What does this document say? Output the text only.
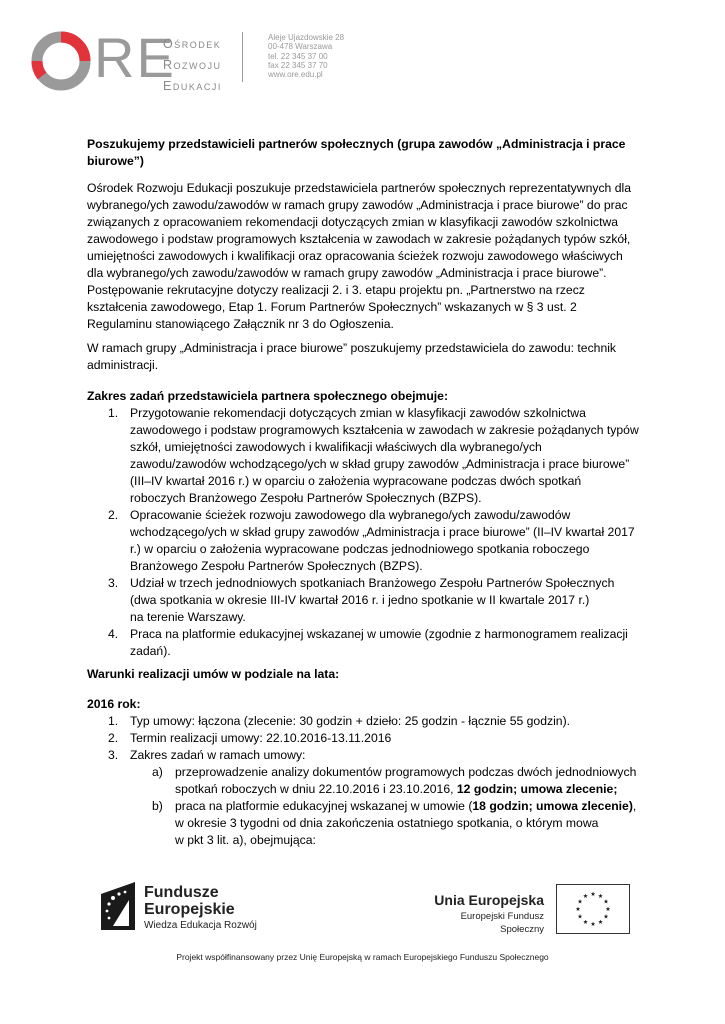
RE
Ośrodek
Rozwoju
Edukacji
Aleje Ujazdowskie 28
00-478 Warszawa
tel. 22 345 37 00
fax 22 345 37 70
www.ore.edu.pl
Poszukujemy przedstawicieli partnerów społecznych (grupa zawodów „Administracja i prace
biurowe”)
Ośrodek Rozwoju Edukacji poszukuje przedstawiciela partnerów społecznych reprezentatywnych dla
wybranego/ych zawodu/zawodów w ramach grupy zawodów „Administracja i prace biurowe” do prac
związanych z opracowaniem rekomendacji dotyczących zmian w klasyfikacji zawodów szkolnictwa
zawodowego i podstaw programowych kształcenia w zawodach w zakresie pożądanych typów szkół,
umiejętności zawodowych i kwalifikacji oraz opracowania ścieżek rozwoju zawodowego właściwych
dla wybranego/ych zawodu/zawodów w ramach grupy zawodów „Administracja i prace biurowe”.
Postępowanie rekrutacyjne dotyczy realizacji 2. i 3. etapu projektu pn. „Partnerstwo na rzecz
kształcenia zawodowego, Etap 1. Forum Partnerów Społecznych” wskazanych w § 3 ust. 2
Regulaminu stanowiącego Załącznik nr 3 do Ogłoszenia.
W ramach grupy „Administracja i prace biurowe” poszukujemy przedstawiciela do zawodu: technik
administracji.
Zakres zadań przedstawiciela partnera społecznego obejmuje:
1. Przygotowanie rekomendacji dotyczących zmian w klasyfikacji zawodów szkolnictwa
zawodowego i podstaw programowych kształcenia w zawodach w zakresie pożądanych typów
szkół, umiejętności zawodowych i kwalifikacji właściwych dla wybranego/ych
zawodu/zawodów wchodzącego/ych w skład grupy zawodów „Administracja i prace biurowe”
(III–IV kwartał 2016 r.) w oparciu o założenia wypracowane podczas dwóch spotkań
roboczych Branżowego Zespołu Partnerów Społecznych (BZPS).
2. Opracowanie ścieżek rozwoju zawodowego dla wybranego/ych zawodu/zawodów
wchodzącego/ych w skład grupy zawodów „Administracja i prace biurowe” (II–IV kwartał 2017
r.) w oparciu o założenia wypracowane podczas jednodniowego spotkania roboczego
Branżowego Zespołu Partnerów Społecznych (BZPS).
3. Udział w trzech jednodniowych spotkaniach Branżowego Zespołu Partnerów Społecznych
(dwa spotkania w okresie III-IV kwartał 2016 r. i jedno spotkanie w II kwartale 2017 r.)
na terenie Warszawy.
4. Praca na platformie edukacyjnej wskazanej w umowie (zgodnie z harmonogramem realizacji
zadań).
Warunki realizacji umów w podziale na lata:
2016 rok:
1. Typ umowy: łączona (zlecenie: 30 godzin + dzieło: 25 godzin - łącznie 55 godzin).
2. Termin realizacji umowy: 22.10.2016-13.11.2016
3. Zakres zadań w ramach umowy:
a) przeprowadzenie analizy dokumentów programowych podczas dwóch jednodniowych
spotkań roboczych w dniu 22.10.2016 i 23.10.2016, 12 godzin; umowa zlecenie;
b) praca na platformie edukacyjnej wskazanej w umowie (18 godzin; umowa zlecenie),
w okresie 3 tygodni od dnia zakończenia ostatniego spotkania, o którym mowa
w pkt 3 lit. a), obejmująca:
Fundusze
Europejskie
Wiedza Edukacja Rozwój
Unia Europejska
Europejski Fundusz Społeczny
Projekt współfinansowany przez Unię Europejską w ramach Europejskiego Funduszu Społecznego
